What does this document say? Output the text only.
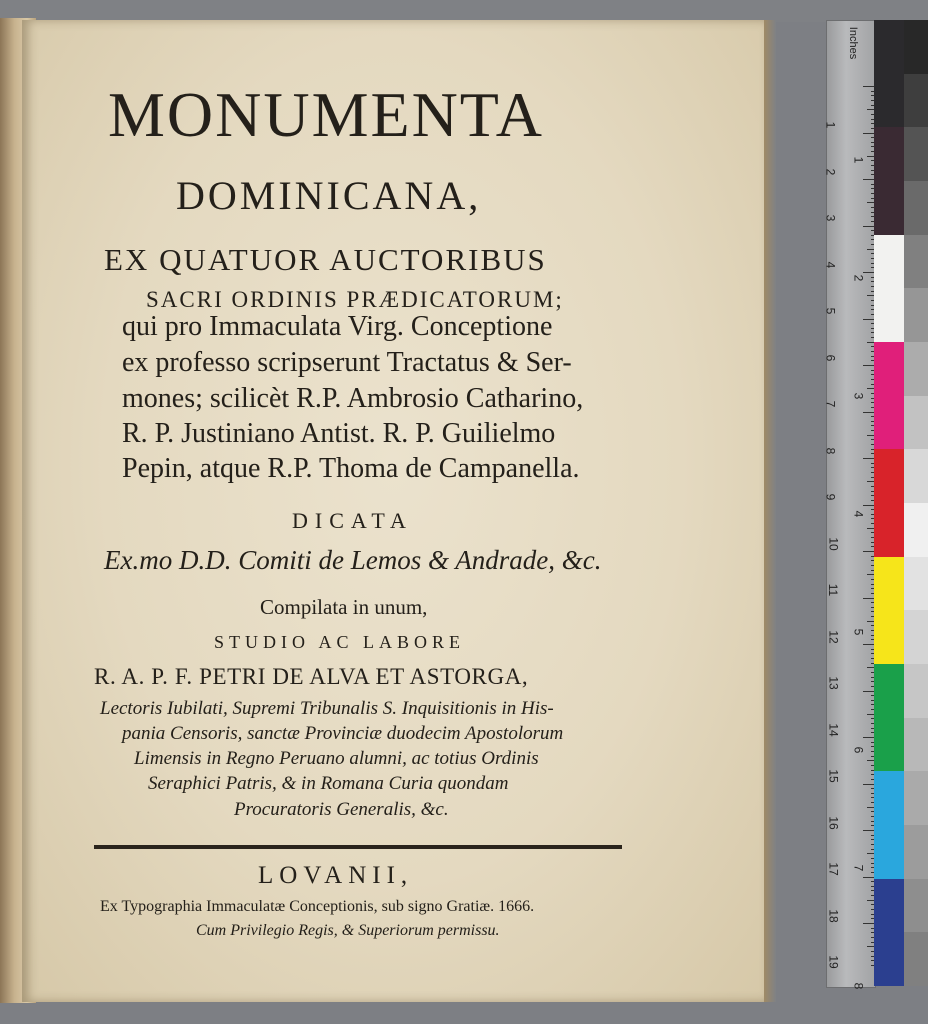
MONUMENTA

DOMINICANA,

EX QUATUOR AUCTORIBUS

SACRI ORDINIS PRÆDICATORUM;

qui pro Immaculata Virg. Conceptione

ex professo scripserunt Tractatus & Ser-

mones; scilicèt R.P. Ambrosio Catharino,

R. P. Justiniano Antist. R. P. Guilielmo

Pepin, atque R.P. Thoma de Campanella.

DICATA

Ex.mo D.D. Comiti de Lemos & Andrade, &c.

Compilata in unum,

STUDIO AC LABORE

R. A. P. F. PETRI DE ALVA ET ASTORGA,

Lectoris Iubilati, Supremi Tribunalis S. Inquisitionis in His-

pania Censoris, sanctæ Provinciæ duodecim Apostolorum

Limensis in Regno Peruano alumni, ac totius Ordinis

Seraphici Patris, & in Romana Curia quondam

Procuratoris Generalis, &c.

LOVANII,

Ex Typographia Immaculatæ Conceptionis, sub signo Gratiæ. 1666.

Cum Privilegio Regis, & Superiorum permissu.

Inches
1
2
3
4
5
6
7
8
9
10
11
12
13
14
15
16
17
18
19
1
2
3
4
5
6
7
8
